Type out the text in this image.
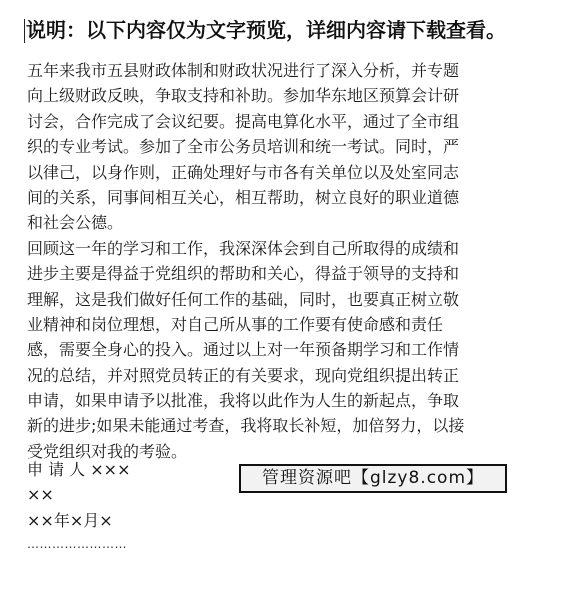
说明：以下内容仅为文字预览，详细内容请下载查看。
五年来我市五县财政体制和财政状况进行了深入分析，并专题
向上级财政反映，争取支持和补助。参加华东地区预算会计研
讨会，合作完成了会议纪要。提高电算化水平，通过了全市组
织的专业考试。参加了全市公务员培训和统一考试。同时，严
以律己，以身作则，正确处理好与市各有关单位以及处室同志
间的关系，同事间相互关心，相互帮助，树立良好的职业道德
和社会公德。
回顾这一年的学习和工作，我深深体会到自己所取得的成绩和
进步主要是得益于党组织的帮助和关心，得益于领导的支持和
理解，这是我们做好任何工作的基础，同时，也要真正树立敬
业精神和岗位理想，对自己所从事的工作要有使命感和责任
感，需要全身心的投入。通过以上对一年预备期学习和工作情
况的总结，并对照党员转正的有关要求，现向党组织提出转正
申请，如果申请予以批准，我将以此作为人生的新起点，争取
新的进步;如果未能通过考查，我将取长补短，加倍努力，以接
受党组织对我的考验。
申 请 人 ×××
××
××年×月×
……………………
管理资源吧【glzy8.com】
